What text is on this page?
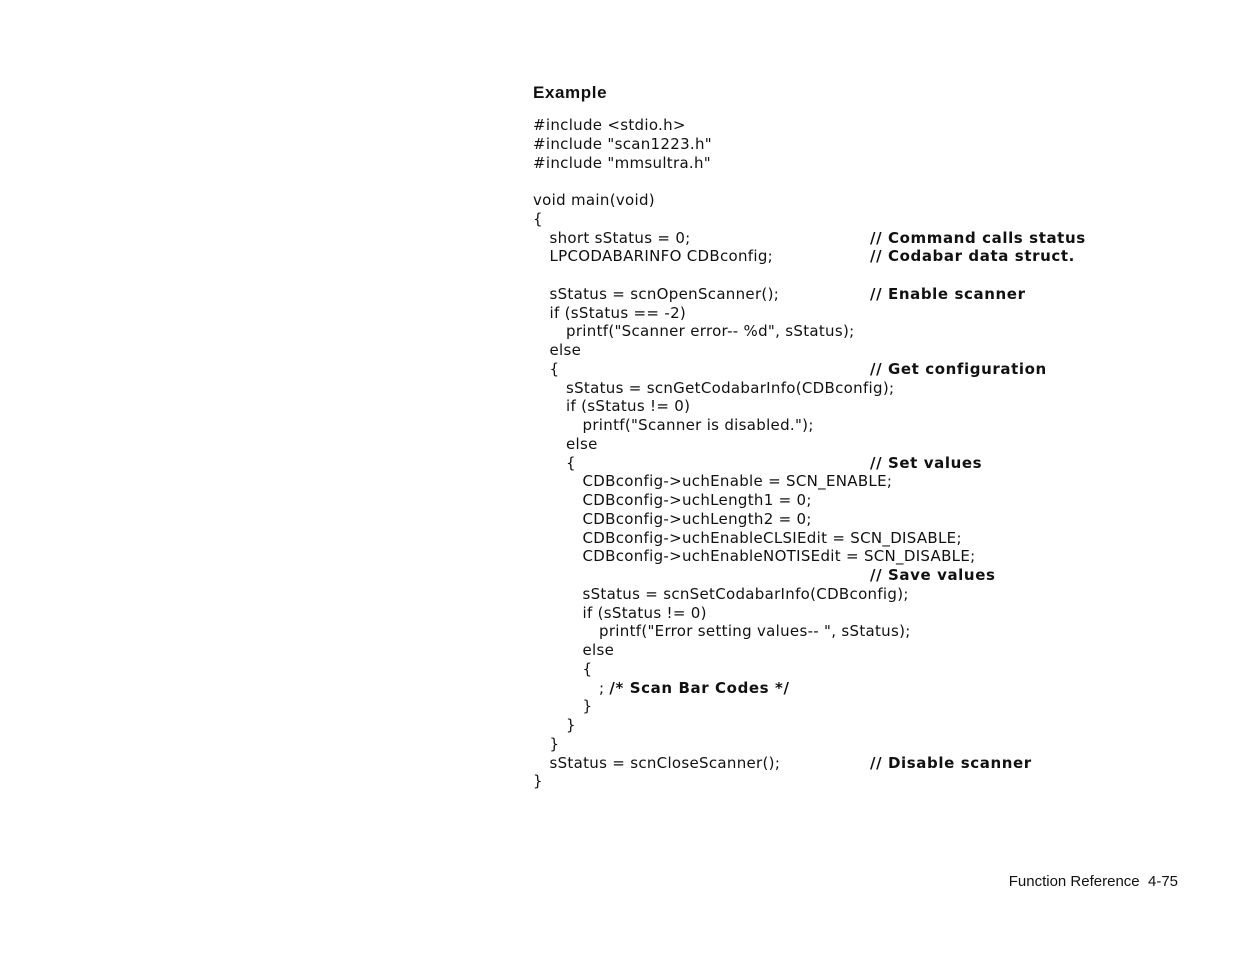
Example
#include <stdio.h>
#include "scan1223.h"
#include "mmsultra.h"
void main(void)
{
short sStatus = 0;	// Command calls status
LPCODABARINFO CDBconfig;	// Codabar data struct.
sStatus = scnOpenScanner();	// Enable scanner
if (sStatus == -2)
printf("Scanner error-- %d", sStatus);
else
{	// Get configuration
sStatus = scnGetCodabarInfo(CDBconfig);
if (sStatus != 0)
printf("Scanner is disabled.");
else
{	// Set values
CDBconfig->uchEnable = SCN_ENABLE;
CDBconfig->uchLength1 = 0;
CDBconfig->uchLength2 = 0;
CDBconfig->uchEnableCLSIEdit = SCN_DISABLE;
CDBconfig->uchEnableNOTISEdit = SCN_DISABLE;
// Save values
sStatus = scnSetCodabarInfo(CDBconfig);
if (sStatus != 0)
printf("Error setting values-- ", sStatus);
else
{
; /* Scan Bar Codes */
}
}
}
sStatus = scnCloseScanner();	// Disable scanner
}
Function Reference  4-75
